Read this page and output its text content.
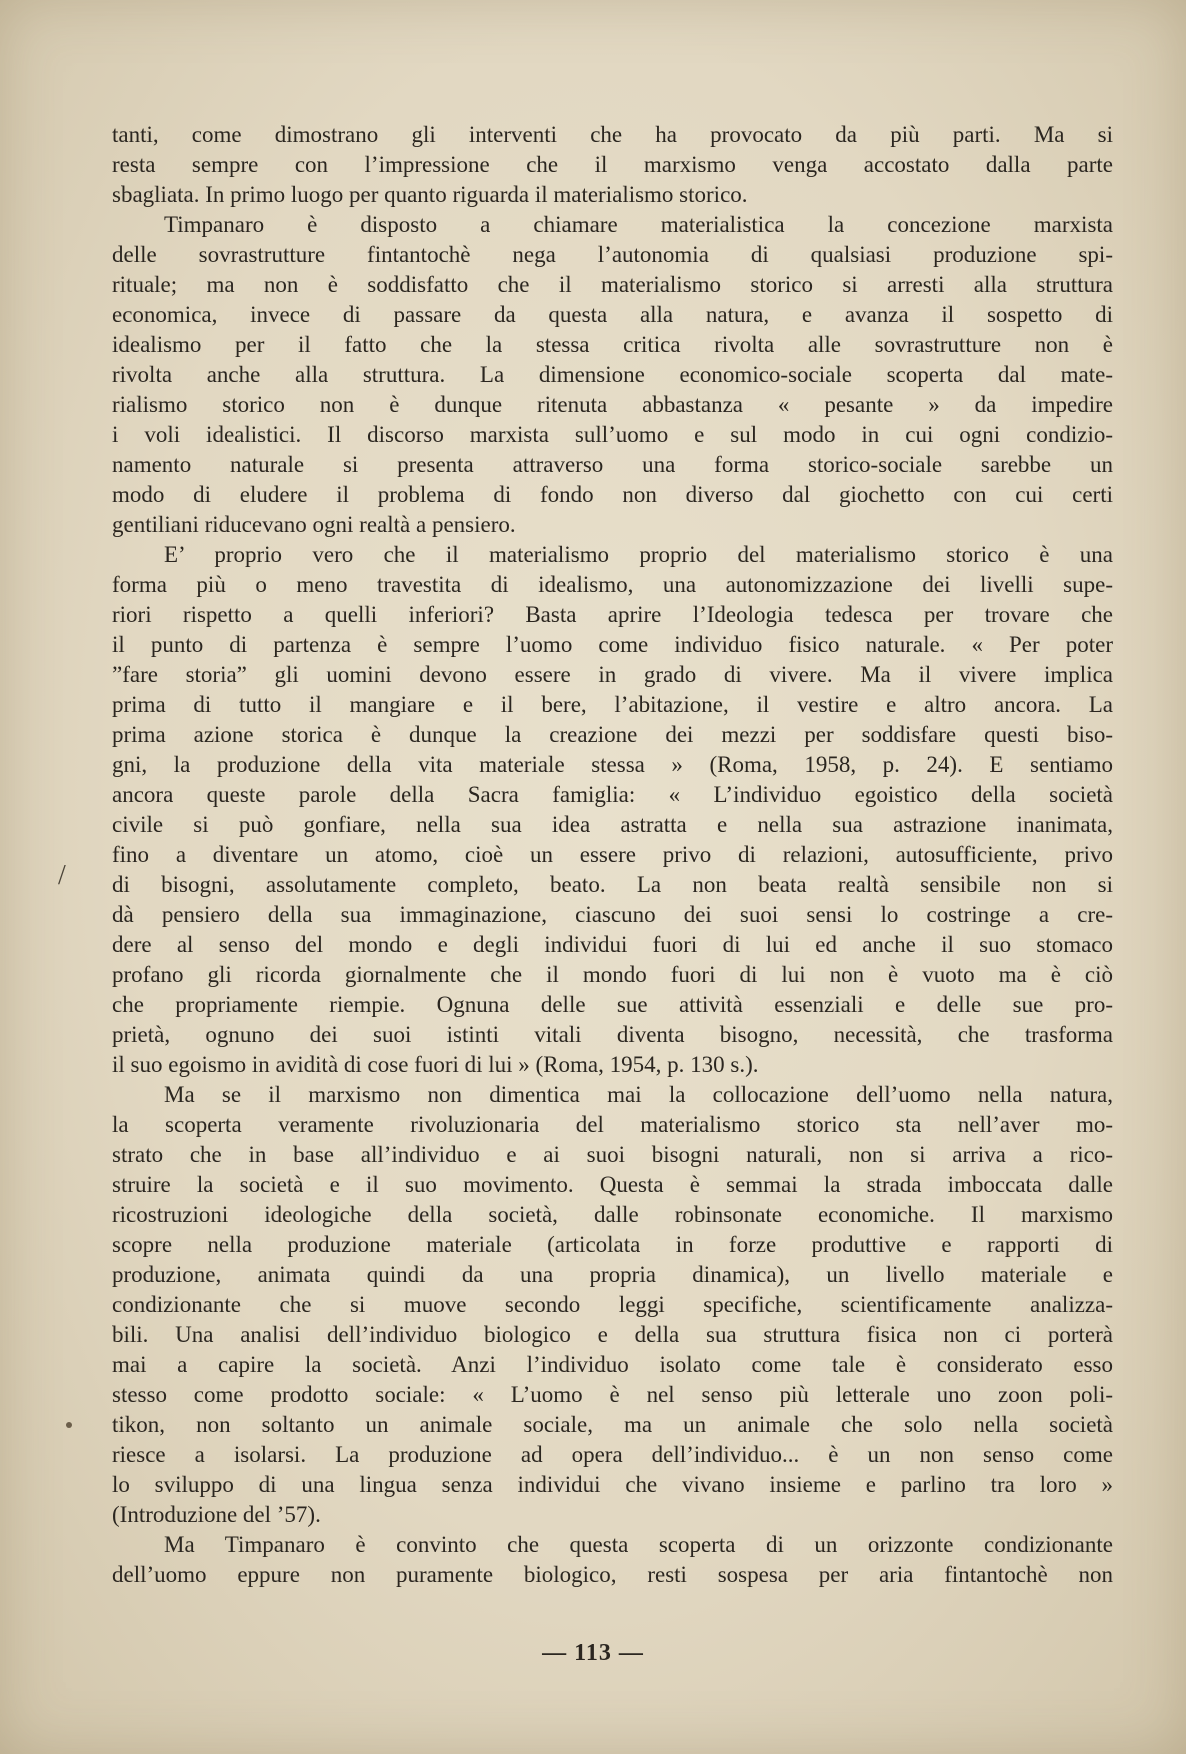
tanti, come dimostrano gli interventi che ha provocato da più parti. Ma si
resta sempre con l’impressione che il marxismo venga accostato dalla parte
sbagliata. In primo luogo per quanto riguarda il materialismo storico.
Timpanaro è disposto a chiamare materialistica la concezione marxista
delle sovrastrutture fintantochè nega l’autonomia di qualsiasi produzione spi-
rituale; ma non è soddisfatto che il materialismo storico si arresti alla struttura
economica, invece di passare da questa alla natura, e avanza il sospetto di
idealismo per il fatto che la stessa critica rivolta alle sovrastrutture non è
rivolta anche alla struttura. La dimensione economico-sociale scoperta dal mate-
rialismo storico non è dunque ritenuta abbastanza « pesante » da impedire
i voli idealistici. Il discorso marxista sull’uomo e sul modo in cui ogni condizio-
namento naturale si presenta attraverso una forma storico-sociale sarebbe un
modo di eludere il problema di fondo non diverso dal giochetto con cui certi
gentiliani riducevano ogni realtà a pensiero.
E’ proprio vero che il materialismo proprio del materialismo storico è una
forma più o meno travestita di idealismo, una autonomizzazione dei livelli supe-
riori rispetto a quelli inferiori? Basta aprire l’Ideologia tedesca per trovare che
il punto di partenza è sempre l’uomo come individuo fisico naturale. « Per poter
”fare storia” gli uomini devono essere in grado di vivere. Ma il vivere implica
prima di tutto il mangiare e il bere, l’abitazione, il vestire e altro ancora. La
prima azione storica è dunque la creazione dei mezzi per soddisfare questi biso-
gni, la produzione della vita materiale stessa » (Roma, 1958, p. 24). E sentiamo
ancora queste parole della Sacra famiglia: « L’individuo egoistico della società
civile si può gonfiare, nella sua idea astratta e nella sua astrazione inanimata,
fino a diventare un atomo, cioè un essere privo di relazioni, autosufficiente, privo
di bisogni, assolutamente completo, beato. La non beata realtà sensibile non si
dà pensiero della sua immaginazione, ciascuno dei suoi sensi lo costringe a cre-
dere al senso del mondo e degli individui fuori di lui ed anche il suo stomaco
profano gli ricorda giornalmente che il mondo fuori di lui non è vuoto ma è ciò
che propriamente riempie. Ognuna delle sue attività essenziali e delle sue pro-
prietà, ognuno dei suoi istinti vitali diventa bisogno, necessità, che trasforma
il suo egoismo in avidità di cose fuori di lui » (Roma, 1954, p. 130 s.).
Ma se il marxismo non dimentica mai la collocazione dell’uomo nella natura,
la scoperta veramente rivoluzionaria del materialismo storico sta nell’aver mo-
strato che in base all’individuo e ai suoi bisogni naturali, non si arriva a rico-
struire la società e il suo movimento. Questa è semmai la strada imboccata dalle
ricostruzioni ideologiche della società, dalle robinsonate economiche. Il marxismo
scopre nella produzione materiale (articolata in forze produttive e rapporti di
produzione, animata quindi da una propria dinamica), un livello materiale e
condizionante che si muove secondo leggi specifiche, scientificamente analizza-
bili. Una analisi dell’individuo biologico e della sua struttura fisica non ci porterà
mai a capire la società. Anzi l’individuo isolato come tale è considerato esso
stesso come prodotto sociale: « L’uomo è nel senso più letterale uno zoon poli-
tikon, non soltanto un animale sociale, ma un animale che solo nella società
riesce a isolarsi. La produzione ad opera dell’individuo... è un non senso come
lo sviluppo di una lingua senza individui che vivano insieme e parlino tra loro »
(Introduzione del ’57).
Ma Timpanaro è convinto che questa scoperta di un orizzonte condizionante
dell’uomo eppure non puramente biologico, resti sospesa per aria fintantochè non
/
— 113 —
